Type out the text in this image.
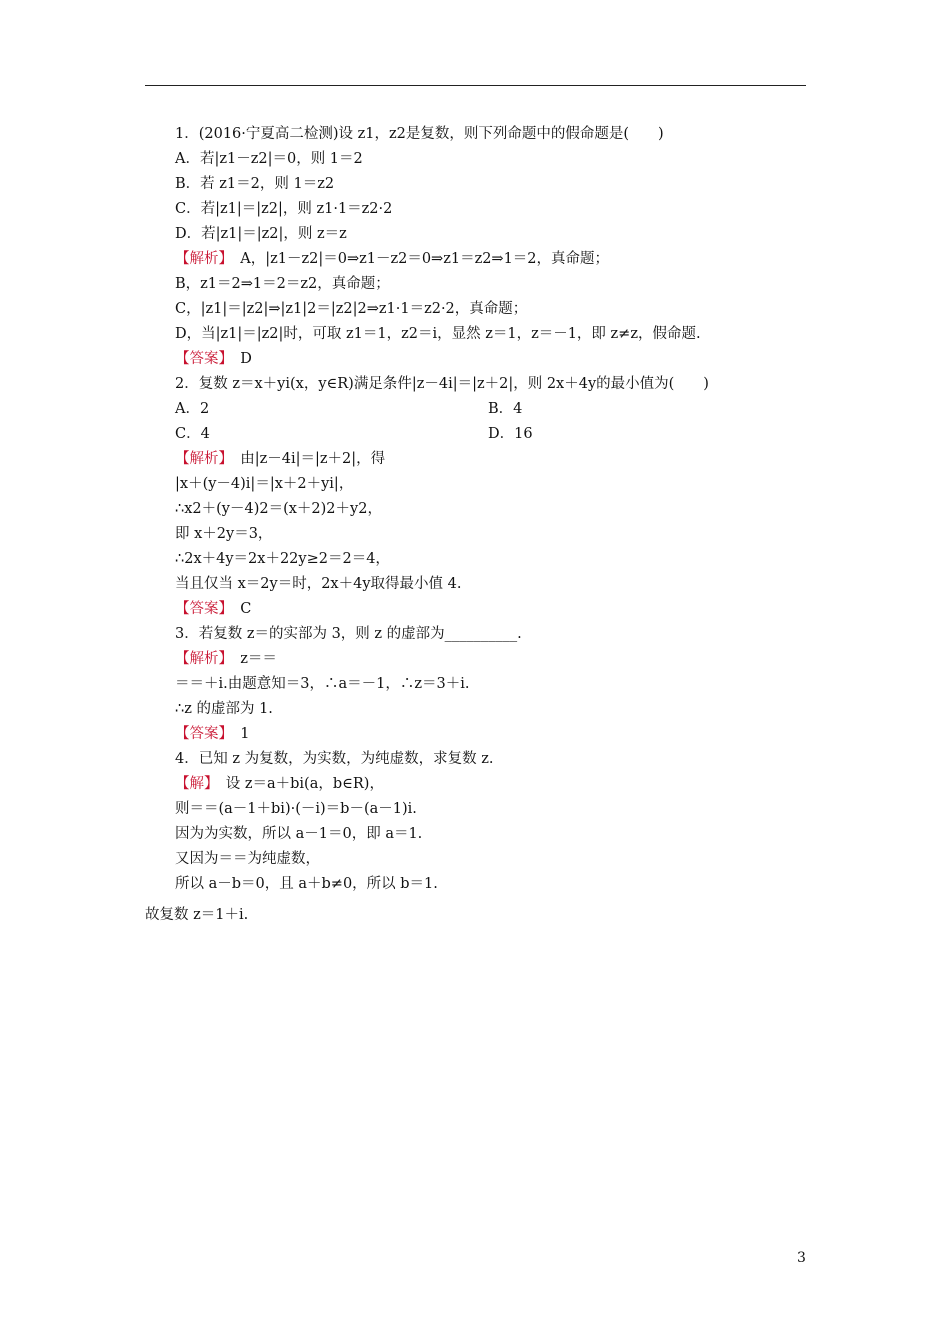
1．(2016·宁夏高二检测)设 z1，z2是复数，则下列命题中的假命题是(　　)
A．若|z1－z2|＝0，则 1＝2
B．若 z1＝2，则 1＝z2
C．若|z1|＝|z2|，则 z1·1＝z2·2
D．若|z1|＝|z2|，则 z＝z
【解析】　 A，|z1－z2|＝0⇒z1－z2＝0⇒z1＝z2⇒1＝2，真命题；
B，z1＝2⇒1＝2＝z2，真命题；
C，|z1|＝|z2|⇒|z1|2＝|z2|2⇒z1·1＝z2·2，真命题；
D，当|z1|＝|z2|时，可取 z1＝1，z2＝i，显然 z＝1，z＝－1，即 z≠z，假命题.
【答案】　 D
2．复数 z＝x＋yi(x，y∈R)满足条件|z－4i|＝|z＋2|，则 2x＋4y的最小值为(　　)
A．2	B．4
C．4	D．16
【解析】　 由|z－4i|＝|z＋2|，得
|x＋(y－4)i|＝|x＋2＋yi|，
∴x2＋(y－4)2＝(x＋2)2＋y2，
即 x＋2y＝3，
∴2x＋4y＝2x＋22y≥2＝2＝4，
当且仅当 x＝2y＝时，2x＋4y取得最小值 4.
【答案】　 C
3．若复数 z＝的实部为 3，则 z 的虚部为__________.
【解析】　 z＝＝
＝＝＋i.由题意知＝3，∴a＝－1，∴z＝3＋i.
∴z 的虚部为 1.
【答案】　 1
4．已知 z 为复数，为实数，为纯虚数，求复数 z.
【解】　 设 z＝a＋bi(a，b∈R)，
则＝＝(a－1＋bi)·(－i)＝b－(a－1)i.
因为为实数，所以 a－1＝0，即 a＝1.
又因为＝＝为纯虚数，
所以 a－b＝0，且 a＋b≠0，所以 b＝1.
故复数 z＝1＋i.
3
